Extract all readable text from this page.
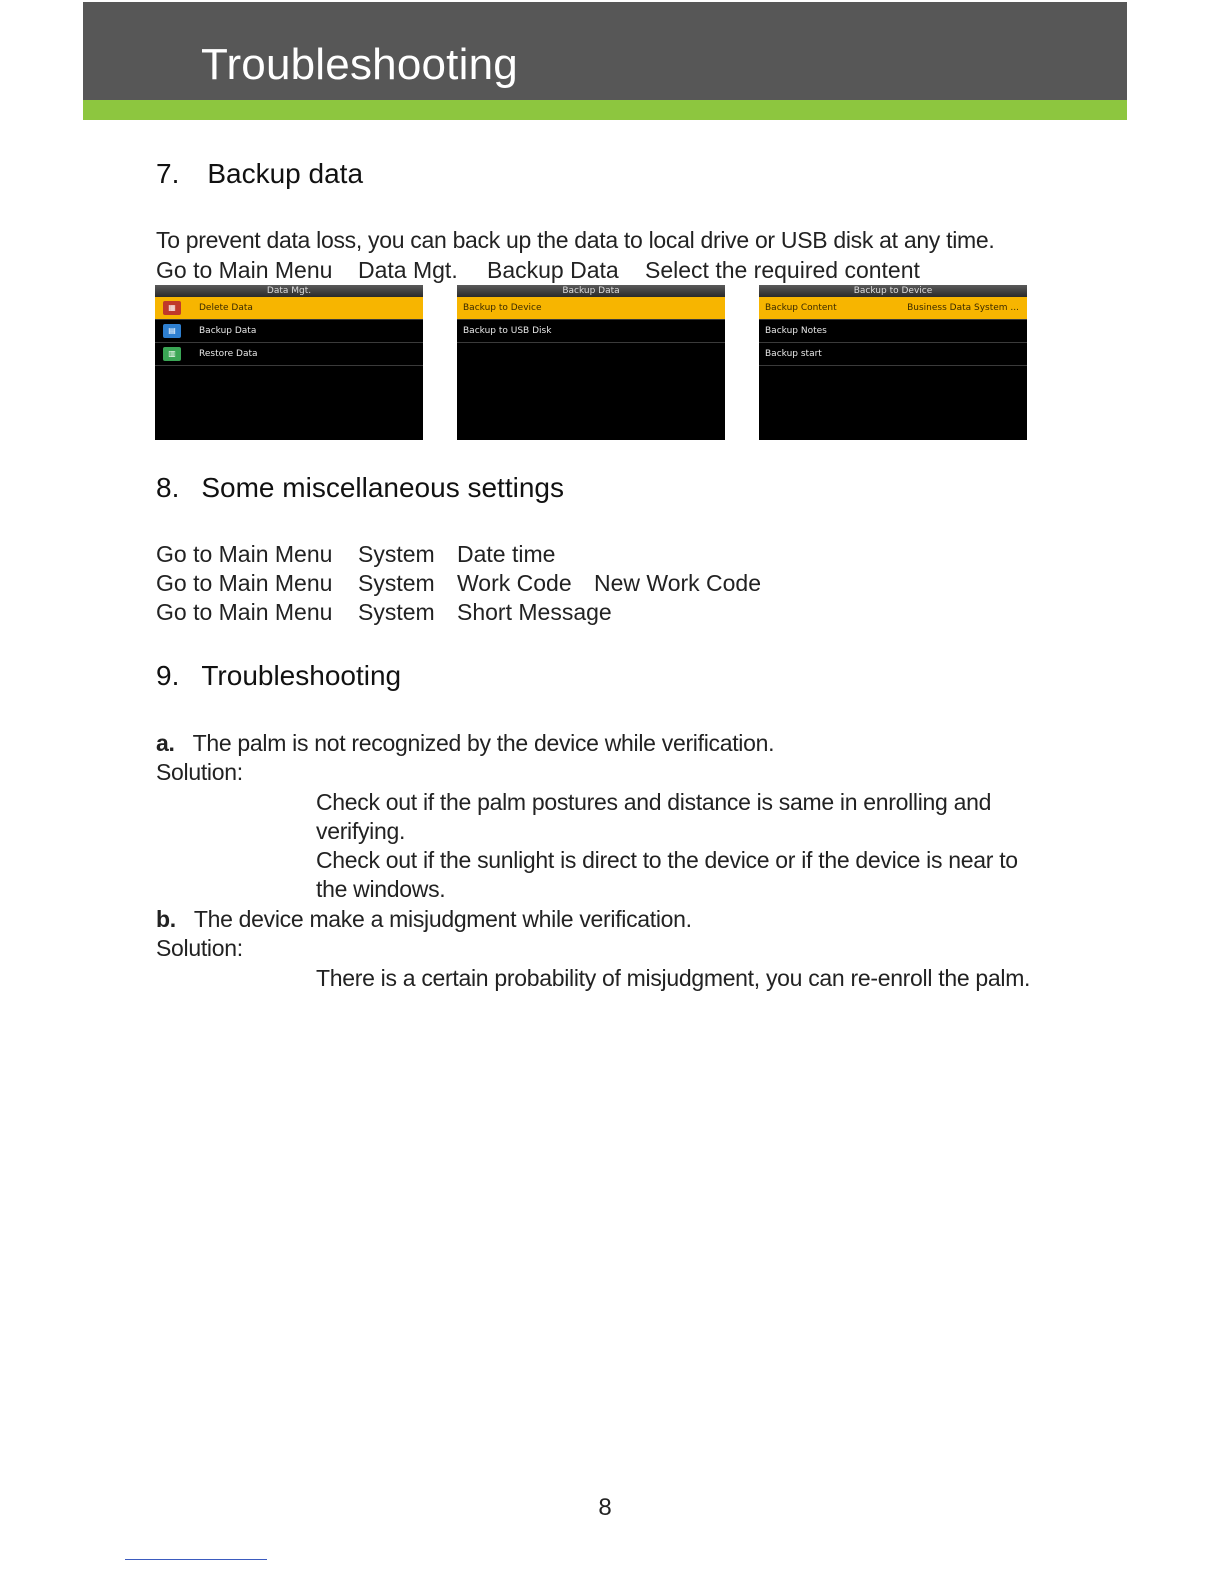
Troubleshooting
7. Backup data
To prevent data loss, you can back up the data to local drive or USB disk at any time.
Go to Main Menu Data Mgt. Backup Data Select the required content
Data Mgt.
▦	Delete Data
▤	Backup Data
▥	Restore Data
Backup Data
Backup to Device
Backup to USB Disk
Backup to Device
Backup Content	Business Data System ...
Backup Notes
Backup start
8. Some miscellaneous settings
Go to Main Menu System Date time
Go to Main Menu System Work Code New Work Code
Go to Main Menu System Short Message
9. Troubleshooting
a. The palm is not recognized by the device while verification.
Solution:
Check out if the palm postures and distance is same in enrolling and
verifying.
Check out if the sunlight is direct to the device or if the device is near to
the windows.
b. The device make a misjudgment while verification.
Solution:
There is a certain probability of misjudgment, you can re-enroll the palm.
8
